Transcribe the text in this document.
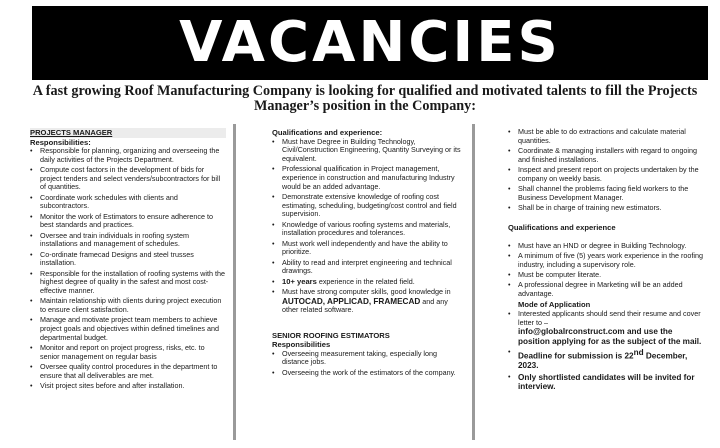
VACANCIES
A fast growing Roof Manufacturing Company is looking for qualified and motivated talents to fill the Projects Manager’s position in the Company:
PROJECTS MANAGER
Responsibilities:
• Responsible for planning, organizing and overseeing the daily activities of the Projects Department.
• Compute cost factors in the development of bids for project tenders and select venders/subcontractors for bill of quantities.
• Coordinate work schedules with clients and subcontractors.
• Monitor the work of Estimators to ensure adherence to best standards and practices.
• Oversee and train individuals in roofing system installations and management of schedules.
• Co-ordinate framecad Designs and steel trusses installation.
• Responsible for the installation of roofing systems with the highest degree of quality in the safest and most cost-effective manner.
• Maintain relationship with clients during project execution to ensure client satisfaction.
• Manage and motivate project team members to achieve project goals and objectives within defined timelines and departmental budget.
• Monitor and report on project progress, risks, etc. to senior management on regular basis
• Oversee quality control procedures in the department to ensure that all deliverables are met.
• Visit project sites before and after installation.
Qualifications and experience:
• Must have Degree in Building Technology, Civil/Construction Engineering, Quantity Surveying or its equivalent.
• Professional qualification in Project management, experience in construction and manufacturing Industry would be an added advantage.
• Demonstrate extensive knowledge of roofing cost estimating, scheduling, budgeting/cost control and field supervision.
• Knowledge of various roofing systems and materials, installation procedures and tolerances.
• Must work well independently and have the ability to prioritize.
• Ability to read and interpret engineering and technical drawings.
• 10+ years experience in the related field.
• Must have strong computer skills, good knowledge in AUTOCAD, APPLICAD, FRAMECAD and any other related software.
SENIOR ROOFING ESTIMATORS
Responsibilities
• Overseeing measurement taking, especially long distance jobs.
• Overseeing the work of the estimators of the company.
• Must be able to do extractions and calculate material quantities.
• Coordinate & managing installers with regard to ongoing and finished installations.
• Inspect and present report on projects undertaken by the company on weekly basis.
• Shall channel the problems facing field workers to the Business Development Manager.
• Shall be in charge of training new estimators.
Qualifications and experience
• Must have an HND or degree in Building Technology.
• A minimum of five (5) years work experience in the roofing industry, including a supervisory role.
• Must be computer literate.
• A professional degree in Marketing will be an added advantage.
Mode of Application
• Interested applicants should send their resume and cover letter to –
info@globalrconstruct.com and use the position applying for as the subject of the mail.
• Deadline for submission is 22nd December, 2023.
• Only shortlisted candidates will be invited for interview.
